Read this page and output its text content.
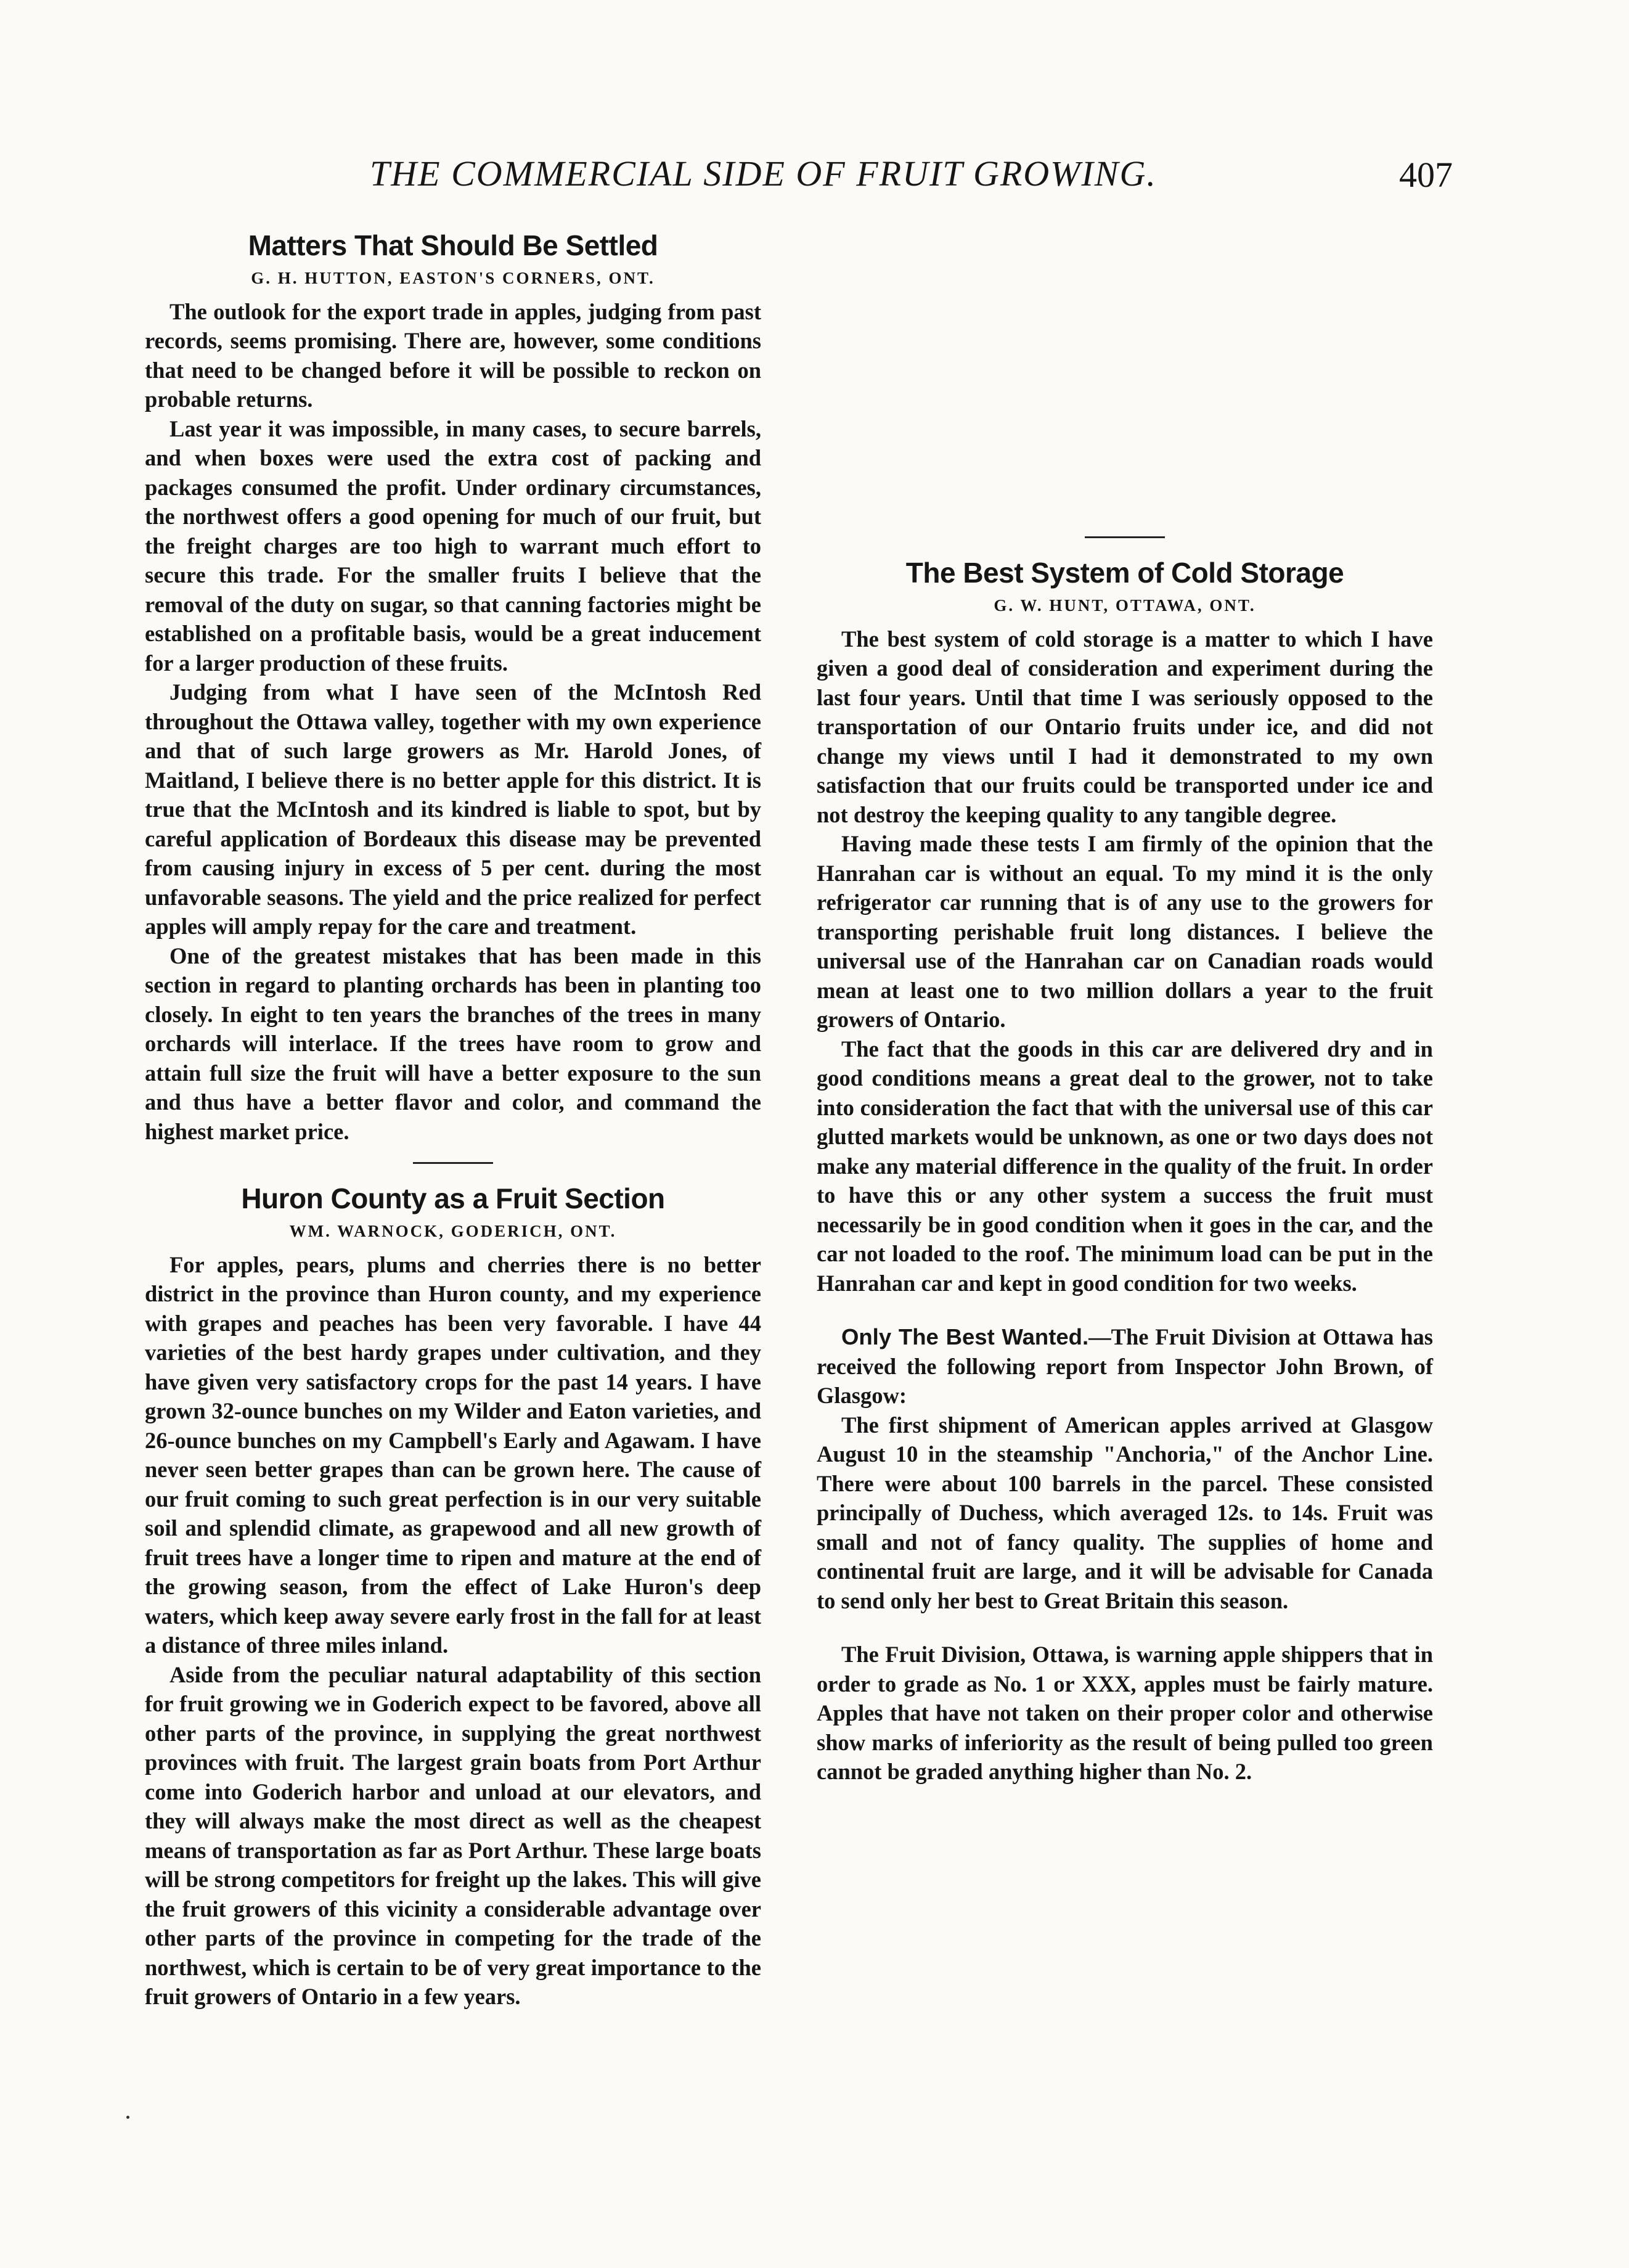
THE COMMERCIAL SIDE OF FRUIT GROWING.	407
Matters That Should Be Settled
G. H. HUTTON, EASTON'S CORNERS, ONT.

The outlook for the export trade in apples, judging from past records, seems promising. There are, however, some conditions that need to be changed before it will be possible to reckon on probable returns.

Last year it was impossible, in many cases, to secure barrels, and when boxes were used the extra cost of packing and packages consumed the profit. Under ordinary circumstances, the northwest offers a good opening for much of our fruit, but the freight charges are too high to warrant much effort to secure this trade. For the smaller fruits I believe that the removal of the duty on sugar, so that canning factories might be established on a profitable basis, would be a great inducement for a larger production of these fruits.

Judging from what I have seen of the McIntosh Red throughout the Ottawa valley, together with my own experience and that of such large growers as Mr. Harold Jones, of Maitland, I believe there is no better apple for this district. It is true that the McIntosh and its kindred is liable to spot, but by careful application of Bordeaux this disease may be prevented from causing injury in excess of 5 per cent. during the most unfavorable seasons. The yield and the price realized for perfect apples will amply repay for the care and treatment.

One of the greatest mistakes that has been made in this section in regard to planting orchards has been in planting too closely. In eight to ten years the branches of the trees in many orchards will interlace. If the trees have room to grow and attain full size the fruit will have a better exposure to the sun and thus have a better flavor and color, and command the highest market price.

Huron County as a Fruit Section
WM. WARNOCK, GODERICH, ONT.

For apples, pears, plums and cherries there is no better district in the province than Huron county, and my experience with grapes and peaches has been very favorable. I have 44 varieties of the best hardy grapes under cultivation, and they have given very satisfactory crops for the past 14 years. I have grown 32-ounce bunches on my Wilder and Eaton varieties, and 26-ounce bunches on my Campbell's Early and Agawam. I have never seen better grapes than can be grown here. The cause of our fruit coming to such great perfection is in our very suitable soil and splendid climate, as grapewood and all new growth of fruit trees have a longer time to ripen and mature at the end of the growing season, from the effect of Lake Huron's deep waters, which keep away severe early frost in the fall for at least a distance of three miles inland.

Aside from the peculiar natural adaptability of this section for fruit growing we in Goderich expect to be favored, above all other parts of the province, in supplying the great northwest provinces with fruit. The largest grain boats from Port Arthur come into Goderich harbor and unload at our elevators, and they will always make the most direct as well as the cheapest means of transportation as far as Port Arthur. These large boats will be strong competitors for freight up the lakes. This will give the fruit growers of this vicinity a considerable advantage over other parts of the province in competing for the trade of the northwest, which is certain to be of very great importance to the fruit growers of Ontario in a few years.

The Best System of Cold Storage
G. W. HUNT, OTTAWA, ONT.

The best system of cold storage is a matter to which I have given a good deal of consideration and experiment during the last four years. Until that time I was seriously opposed to the transportation of our Ontario fruits under ice, and did not change my views until I had it demonstrated to my own satisfaction that our fruits could be transported under ice and not destroy the keeping quality to any tangible degree.

Having made these tests I am firmly of the opinion that the Hanrahan car is without an equal. To my mind it is the only refrigerator car running that is of any use to the growers for transporting perishable fruit long distances. I believe the universal use of the Hanrahan car on Canadian roads would mean at least one to two million dollars a year to the fruit growers of Ontario.

The fact that the goods in this car are delivered dry and in good conditions means a great deal to the grower, not to take into consideration the fact that with the universal use of this car glutted markets would be unknown, as one or two days does not make any material difference in the quality of the fruit. In order to have this or any other system a success the fruit must necessarily be in good condition when it goes in the car, and the car not loaded to the roof. The minimum load can be put in the Hanrahan car and kept in good condition for two weeks.

Only The Best Wanted.—The Fruit Division at Ottawa has received the following report from Inspector John Brown, of Glasgow:

The first shipment of American apples arrived at Glasgow August 10 in the steamship "Anchoria," of the Anchor Line. There were about 100 barrels in the parcel. These consisted principally of Duchess, which averaged 12s. to 14s. Fruit was small and not of fancy quality. The supplies of home and continental fruit are large, and it will be advisable for Canada to send only her best to Great Britain this season.

The Fruit Division, Ottawa, is warning apple shippers that in order to grade as No. 1 or XXX, apples must be fairly mature. Apples that have not taken on their proper color and otherwise show marks of inferiority as the result of being pulled too green cannot be graded anything higher than No. 2.
